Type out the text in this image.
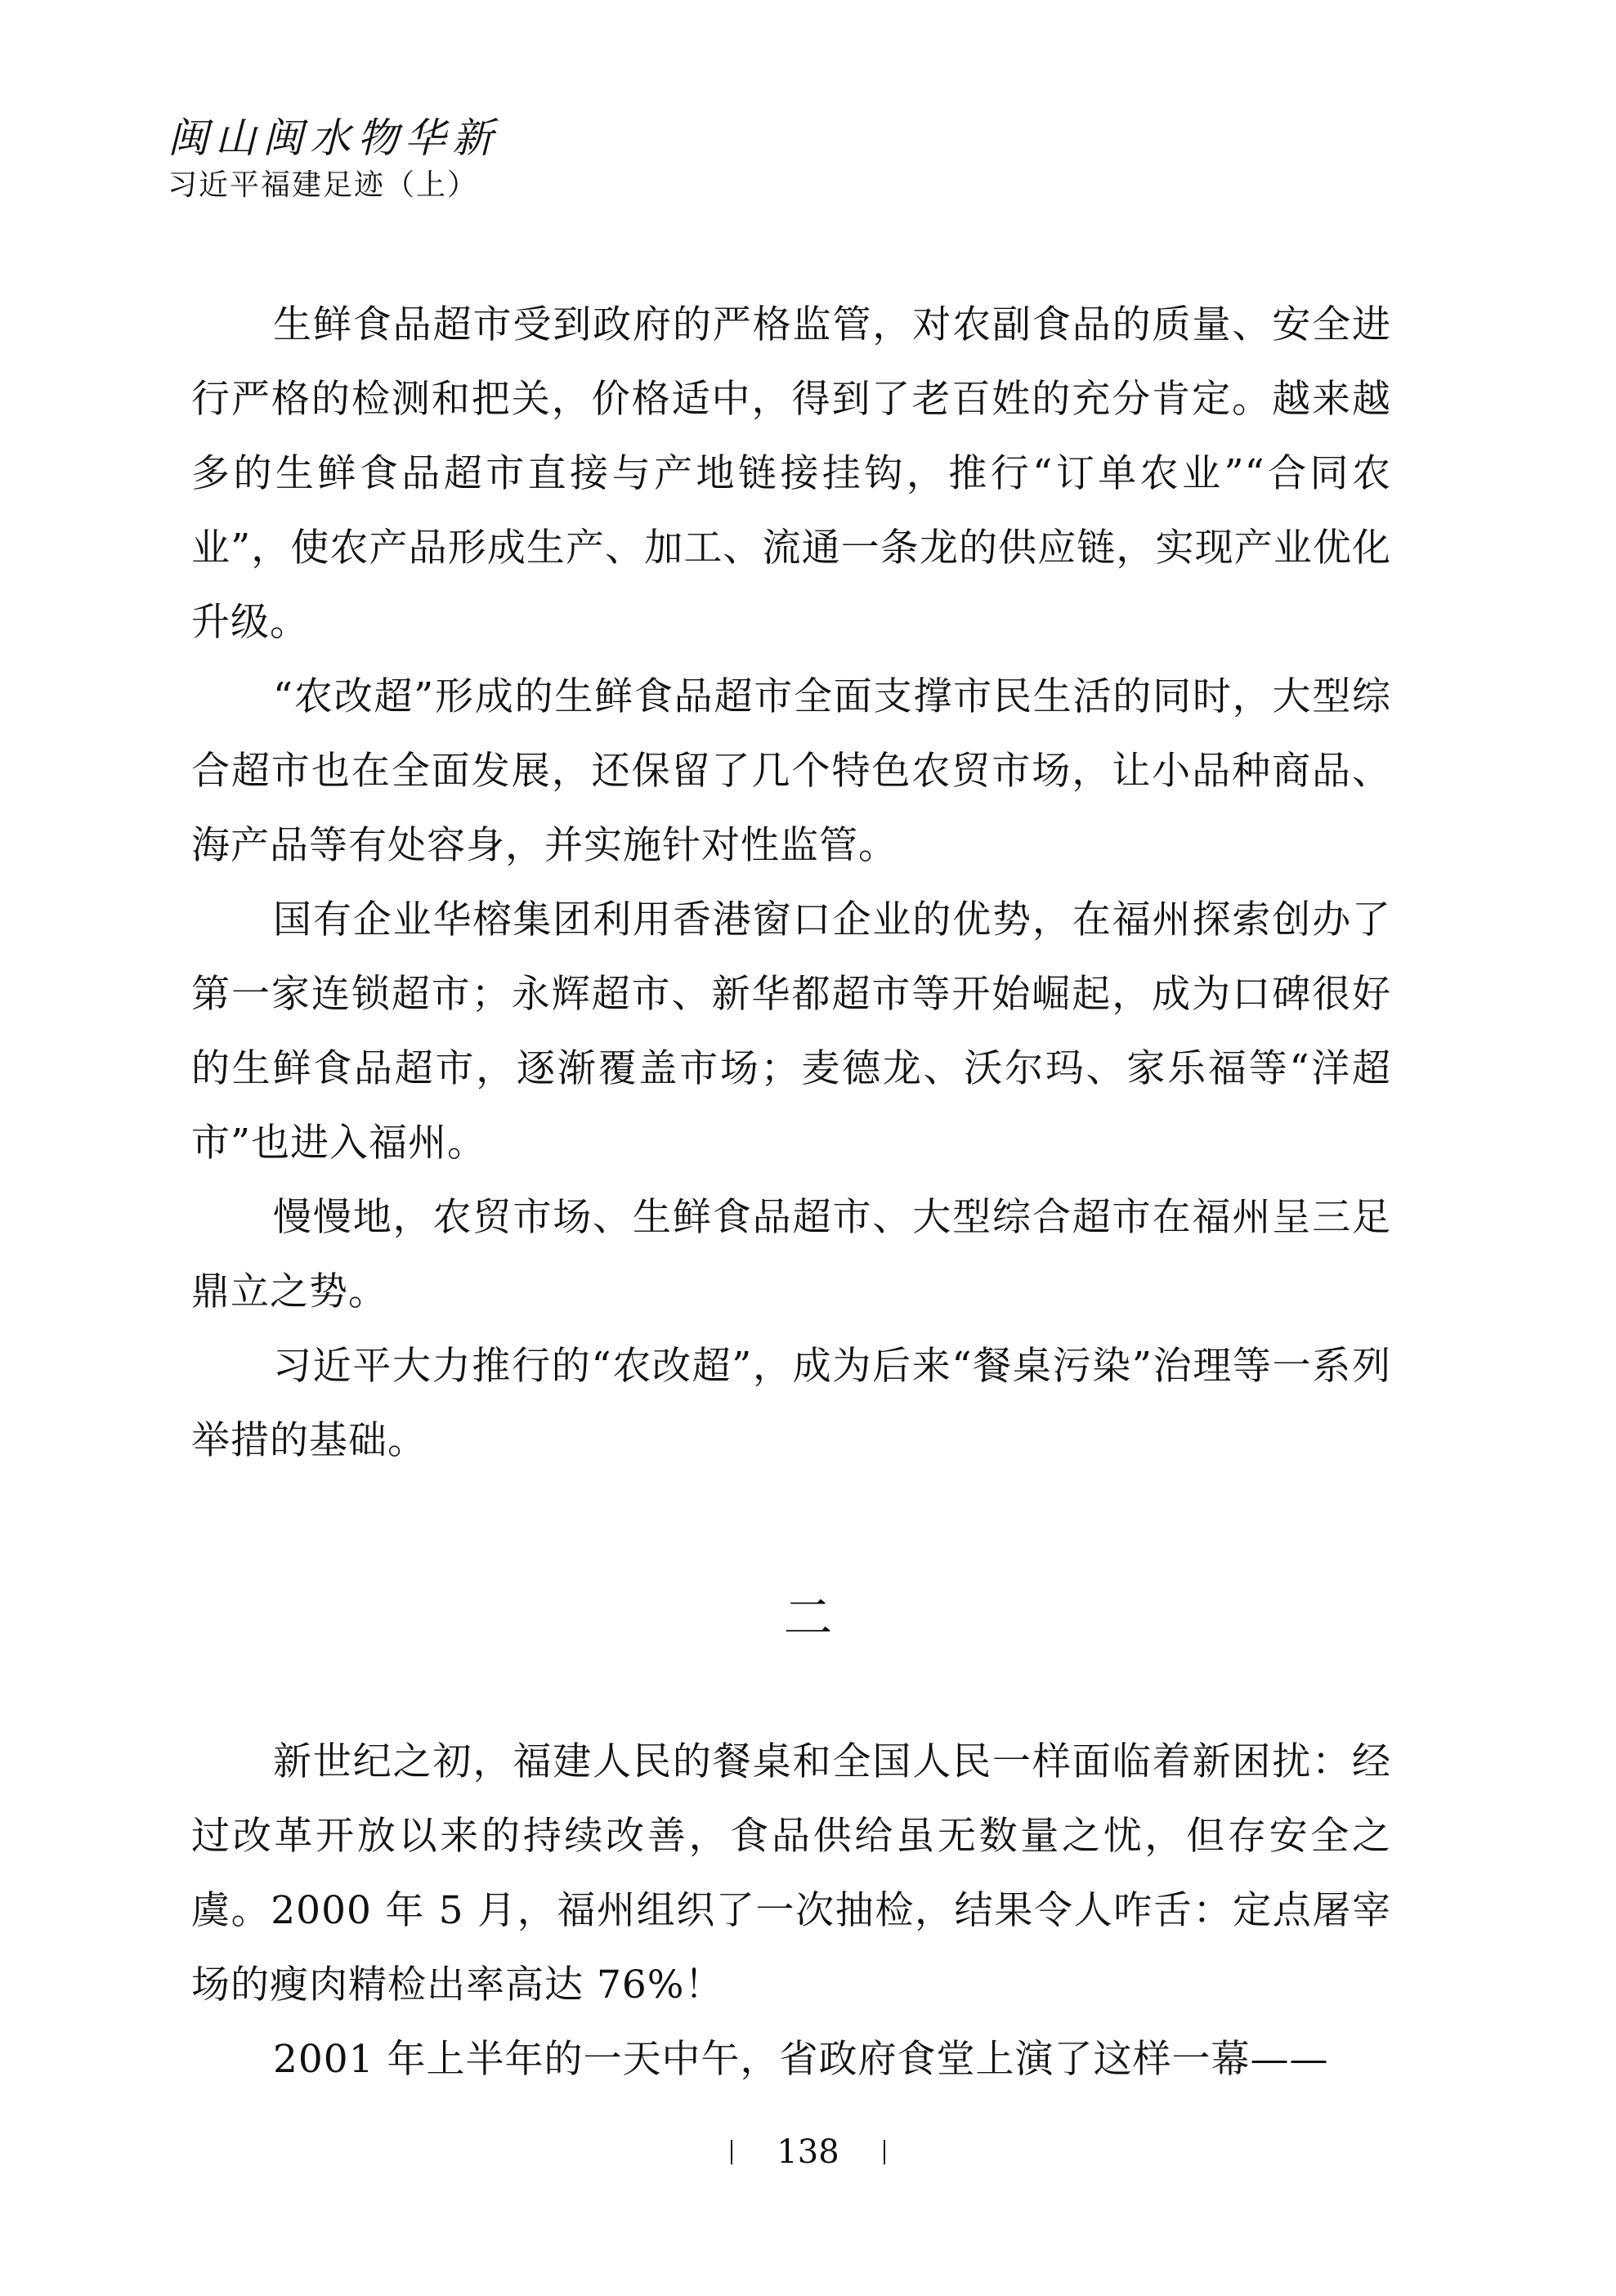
闽山闽水物华新
习近平福建足迹（上）

生鲜食品超市受到政府的严格监管，对农副食品的质量、安全进行严格的检测和把关，价格适中，得到了老百姓的充分肯定。越来越多的生鲜食品超市直接与产地链接挂钩，推行“订单农业”“合同农业”，使农产品形成生产、加工、流通一条龙的供应链，实现产业优化升级。

“农改超”形成的生鲜食品超市全面支撑市民生活的同时，大型综合超市也在全面发展，还保留了几个特色农贸市场，让小品种商品、海产品等有处容身，并实施针对性监管。

国有企业华榕集团利用香港窗口企业的优势，在福州探索创办了第一家连锁超市；永辉超市、新华都超市等开始崛起，成为口碑很好的生鲜食品超市，逐渐覆盖市场；麦德龙、沃尔玛、家乐福等“洋超市”也进入福州。

慢慢地，农贸市场、生鲜食品超市、大型综合超市在福州呈三足鼎立之势。

习近平大力推行的“农改超”，成为后来“餐桌污染”治理等一系列举措的基础。

二

新世纪之初，福建人民的餐桌和全国人民一样面临着新困扰：经过改革开放以来的持续改善，食品供给虽无数量之忧，但存安全之虞。2000 年 5 月，福州组织了一次抽检，结果令人咋舌：定点屠宰场的瘦肉精检出率高达 76%！

2001 年上半年的一天中午，省政府食堂上演了这样一幕——

138
